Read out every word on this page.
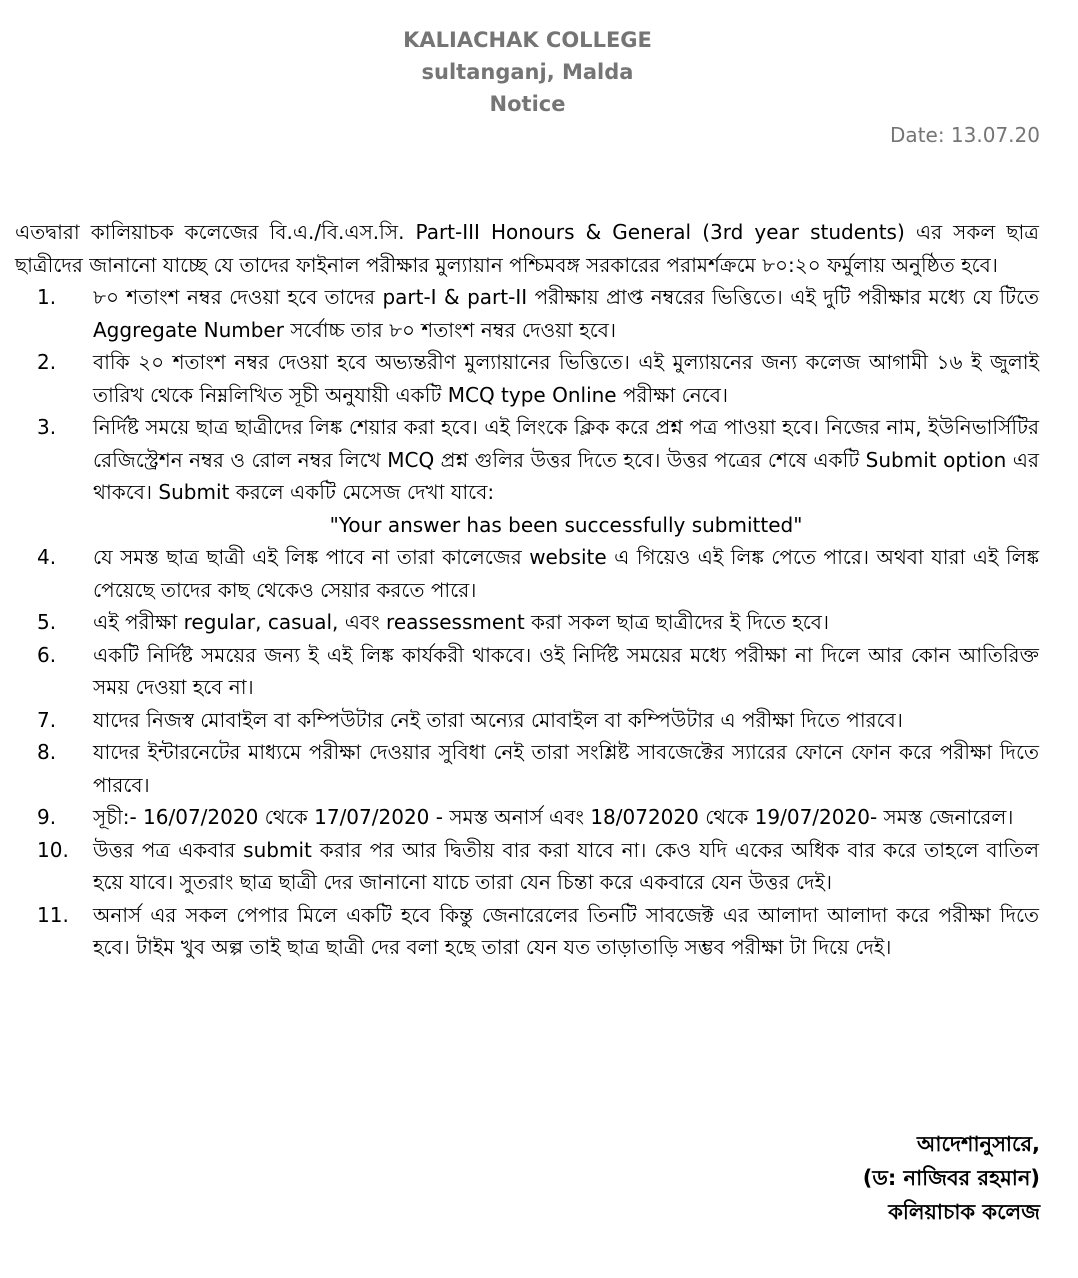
KALIACHAK COLLEGE
sultanganj, Malda
Notice
Date: 13.07.20

এতদ্বারা কালিয়াচক কলেজের বি.এ./বি.এস.সি. Part-III Honours & General (3rd year students) এর সকল ছাত্র ছাত্রীদের জানানো যাচ্ছে যে তাদের ফাইনাল পরীক্ষার মুল্যায়ান পশ্চিমবঙ্গ সরকারের পরামর্শক্রমে ৮০:২০ ফর্মুলায় অনুষ্ঠিত হবে।

1.	৮০ শতাংশ নম্বর দেওয়া হবে তাদের part-I & part-II পরীক্ষায় প্রাপ্ত নম্বরের ভিত্তিতে। এই দুটি পরীক্ষার মধ্যে যে টিতে Aggregate Number সর্বোচ্চ তার ৮০ শতাংশ নম্বর দেওয়া হবে।
2.	বাকি ২০ শতাংশ নম্বর দেওয়া হবে অভ্যন্তরীণ মুল্যায়ানের ভিত্তিতে। এই মুল্যায়নের জন্য কলেজ আগামী ১৬ ই জুলাই তারিখ থেকে নিম্নলিখিত সূচী অনুযায়ী একটি MCQ type Online পরীক্ষা নেবে।
3.	নির্দিষ্ট সময়ে ছাত্র ছাত্রীদের লিঙ্ক শেয়ার করা হবে। এই লিংকে ক্লিক করে প্রশ্ন পত্র পাওয়া হবে। নিজের নাম, ইউনিভার্সিটির রেজিস্ট্রেশন নম্বর ও রোল নম্বর লিখে MCQ প্রশ্ন গুলির উত্তর দিতে হবে। উত্তর পত্রের শেষে একটি Submit option এর থাকবে। Submit করলে একটি মেসেজ দেখা যাবে:
"Your answer has been successfully submitted"
4.	যে সমস্ত ছাত্র ছাত্রী এই লিঙ্ক পাবে না তারা কালেজের website এ গিয়েও এই লিঙ্ক পেতে পারে। অথবা যারা এই লিঙ্ক পেয়েছে তাদের কাছ থেকেও সেয়ার করতে পারে।
5.	এই পরীক্ষা regular, casual, এবং reassessment করা সকল ছাত্র ছাত্রীদের ই দিতে হবে।
6.	একটি নির্দিষ্ট সময়ের জন্য ই এই লিঙ্ক কার্যকরী থাকবে। ওই নির্দিষ্ট সময়ের মধ্যে পরীক্ষা না দিলে আর কোন আতিরিক্ত সময় দেওয়া হবে না।
7.	যাদের নিজস্ব মোবাইল বা কম্পিউটার নেই তারা অন্যের মোবাইল বা কম্পিউটার এ পরীক্ষা দিতে পারবে।
8.	যাদের ইন্টারনেটের মাধ্যমে পরীক্ষা দেওয়ার সুবিধা নেই তারা সংশ্লিষ্ট সাবজেক্টের স্যারের ফোনে ফোন করে পরীক্ষা দিতে পারবে।
9.	সূচী:- 16/07/2020 থেকে 17/07/2020 - সমস্ত অনার্স এবং 18/072020 থেকে 19/07/2020- সমস্ত জেনারেল।
10.	উত্তর পত্র একবার submit করার পর আর দ্বিতীয় বার করা যাবে না। কেও যদি একের অধিক বার করে তাহলে বাতিল হয়ে যাবে। সুতরাং ছাত্র ছাত্রী দের জানানো যাচে তারা যেন চিন্তা করে একবারে যেন উত্তর দেই।
11.	অনার্স এর সকল পেপার মিলে একটি হবে কিন্তু জেনারেলের তিনটি সাবজেক্ট এর আলাদা আলাদা করে পরীক্ষা দিতে হবে। টাইম খুব অল্প তাই ছাত্র ছাত্রী দের বলা হছে তারা যেন যত তাড়াতাড়ি সম্ভব পরীক্ষা টা দিয়ে দেই।
আদেশানুসারে,
(ড: নাজিবর রহমান)
কলিয়াচাক কলেজ
